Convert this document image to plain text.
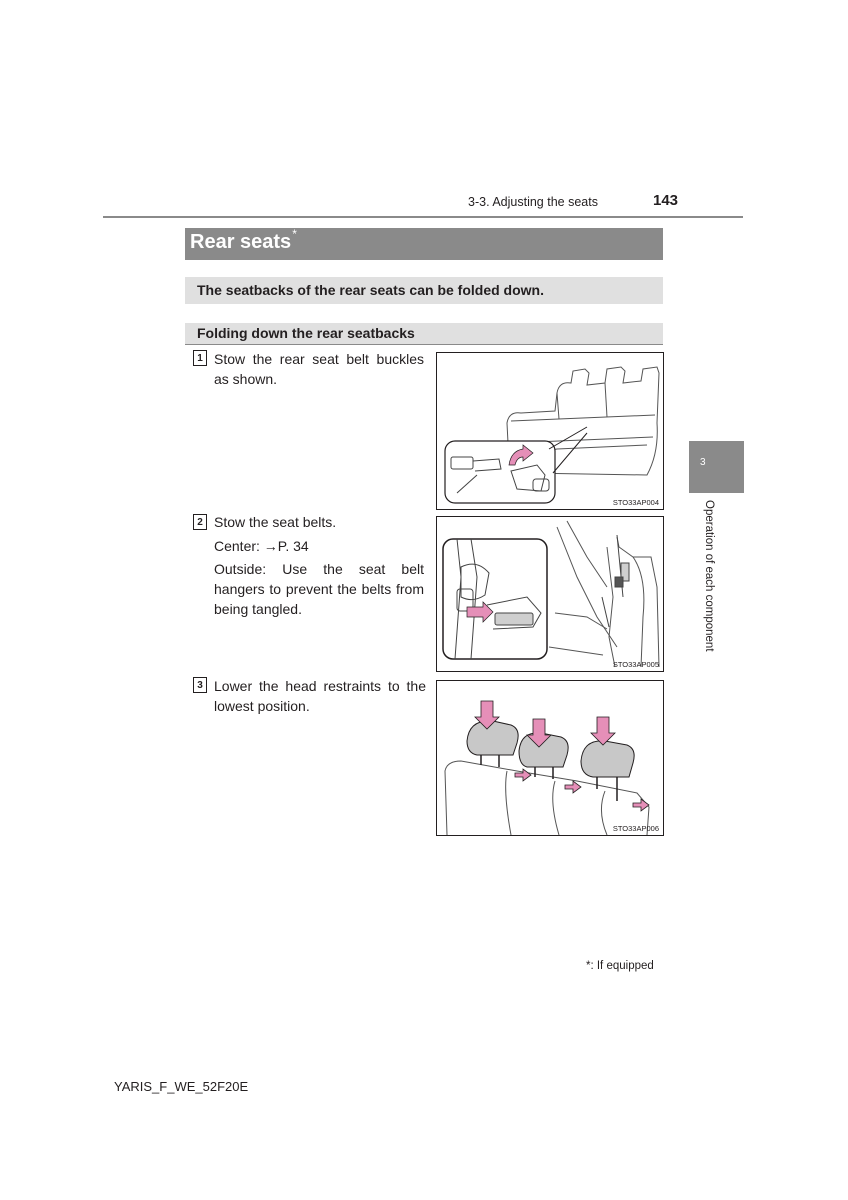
3-3. Adjusting the seats	143
Rear seats*
The seatbacks of the rear seats can be folded down.
Folding down the rear seatbacks
1 Stow the rear seat belt buckles as shown.
STO33AP004
2 Stow the seat belts.
Center: →P. 34
Outside: Use the seat belt hangers to prevent the belts from being tangled.
STO33AP005
3 Lower the head restraints to the lowest position.
STO33AP006
3
Operation of each component
*: If equipped
YARIS_F_WE_52F20E
